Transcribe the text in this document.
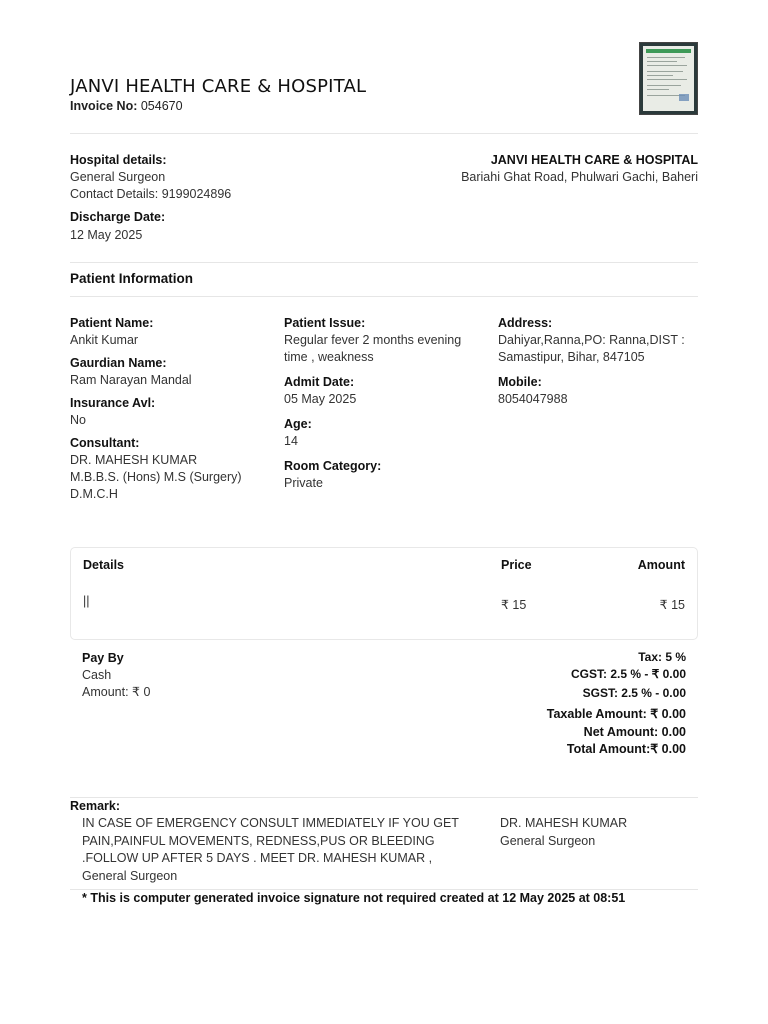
JANVI HEALTH CARE & HOSPITAL
Invoice No: 054670
Hospital details:
General Surgeon
Contact Details: 9199024896
JANVI HEALTH CARE & HOSPITAL
Bariahi Ghat Road, Phulwari Gachi, Baheri
Discharge Date:
12 May 2025
Patient Information
Patient Name:
Ankit Kumar
Gaurdian Name:
Ram Narayan Mandal
Insurance Avl:
No
Consultant:
DR. MAHESH KUMAR
M.B.B.S. (Hons) M.S (Surgery)
D.M.C.H
Patient Issue:
Regular fever 2 months evening
time , weakness
Admit Date:
05 May 2025
Age:
14
Room Category:
Private
Address:
Dahiyar,Ranna,PO: Ranna,DIST :
Samastipur, Bihar, 847105
Mobile:
8054047988
Details	Price	Amount
||	₹ 15	₹ 15
Pay By
Cash
Amount: ₹ 0
Tax: 5 %
CGST: 2.5 % - ₹ 0.00
SGST: 2.5 % - 0.00
Taxable Amount: ₹ 0.00
Net Amount: 0.00
Total Amount:₹ 0.00
Remark:
IN CASE OF EMERGENCY CONSULT IMMEDIATELY IF YOU GET
PAIN,PAINFUL MOVEMENTS, REDNESS,PUS OR BLEEDING
.FOLLOW UP AFTER 5 DAYS . MEET DR. MAHESH KUMAR ,
General Surgeon
DR. MAHESH KUMAR
General Surgeon
* This is computer generated invoice signature not required created at 12 May 2025 at 08:51
